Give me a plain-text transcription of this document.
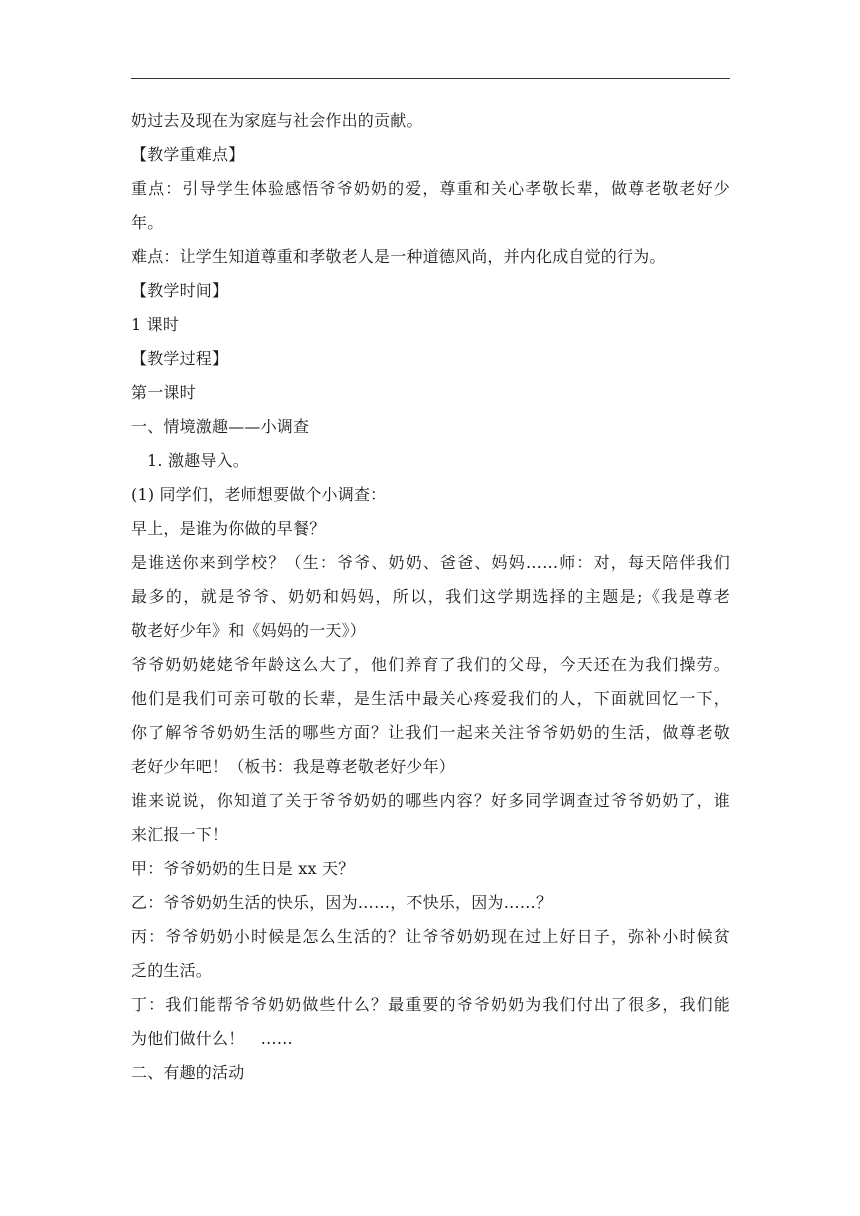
奶过去及现在为家庭与社会作出的贡献。
【教学重难点】
重点：引导学生体验感悟爷爷奶奶的爱，尊重和关心孝敬长辈，做尊老敬老好少
年。
难点：让学生知道尊重和孝敬老人是一种道德风尚，并内化成自觉的行为。
【教学时间】
1 课时
【教学过程】
第一课时
一、情境激趣——小调查
1. 激趣导入。
(1) 同学们，老师想要做个小调查：
早上，是谁为你做的早餐？
是谁送你来到学校？（生：爷爷、奶奶、爸爸、妈妈……师：对，每天陪伴我们
最多的，就是爷爷、奶奶和妈妈，所以，我们这学期选择的主题是;《我是尊老
敬老好少年》和《妈妈的一天》）
爷爷奶奶姥姥爷年龄这么大了，他们养育了我们的父母，今天还在为我们操劳。
他们是我们可亲可敬的长辈，是生活中最关心疼爱我们的人，下面就回忆一下，
你了解爷爷奶奶生活的哪些方面？让我们一起来关注爷爷奶奶的生活，做尊老敬
老好少年吧！（板书：我是尊老敬老好少年）
谁来说说，你知道了关于爷爷奶奶的哪些内容？好多同学调查过爷爷奶奶了，谁
来汇报一下！
甲：爷爷奶奶的生日是 xx 天？
乙：爷爷奶奶生活的快乐，因为……，不快乐，因为……？
丙：爷爷奶奶小时候是怎么生活的？让爷爷奶奶现在过上好日子，弥补小时候贫
乏的生活。
丁：我们能帮爷爷奶奶做些什么？最重要的爷爷奶奶为我们付出了很多，我们能
为他们做什么！　……
二、有趣的活动
